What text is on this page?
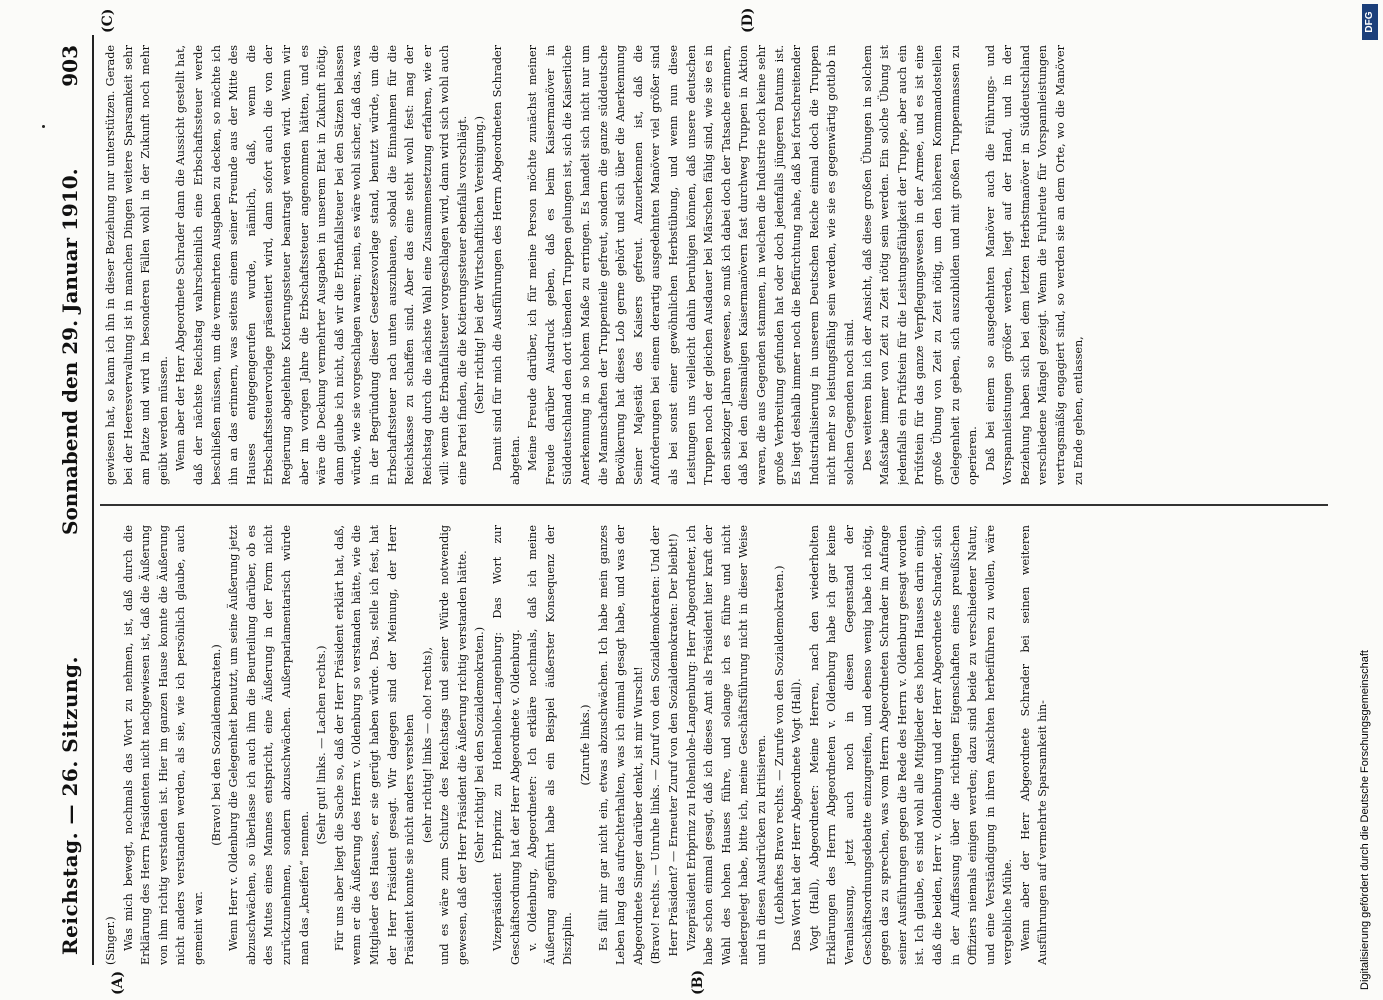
Reichstag. — 26. Sitzung.
Sonnabend den 29. Januar 1910.
903

(Singer.) Was mich bewegt, nochmals das Wort zu nehmen, ist, daß durch die Erklärung des Herrn Präsidenten nicht nachgewiesen ist, daß die Äußerung von ihm richtig verstanden ist. Hier im ganzen Hause konnte die Äußerung nicht anders verstanden werden, als sie, wie ich persönlich glaube, auch gemeint war.

(Bravo! bei den Sozialdemokraten.) Wenn Herr v. Oldenburg die Gelegenheit benutzt, um seine Äußerung jetzt abzuschwächen, so überlasse ich auch ihm die Beurteilung darüber, ob es des Mutes eines Mannes entspricht, eine Äußerung in der Form nicht zurückzunehmen, sondern abzuschwächen. Außerparlamentarisch würde man das „kneifen“ nennen.

(Sehr gut! links. — Lachen rechts.) Für uns aber liegt die Sache so, daß der Herr Präsident erklärt hat, daß, wenn er die Äußerung des Herrn v. Oldenburg so verstanden hätte, wie die Mitglieder des Hauses, er sie gerügt haben würde. Das, stelle ich fest, hat der Herr Präsident gesagt. Wir dagegen sind der Meinung, der Herr Präsident konnte sie nicht anders verstehen (sehr richtig! links — oho! rechts), und es wäre zum Schutze des Reichstags und seiner Würde notwendig gewesen, daß der Herr Präsident die Äußerung richtig verstanden hätte. (Sehr richtig! bei den Sozialdemokraten.) Vizepräsident Erbprinz zu Hohenlohe-Langenburg: Das Wort zur Geschäftsordnung hat der Herr Abgeordnete v. Oldenburg. v. Oldenburg, Abgeordneter: Ich erkläre nochmals, daß ich meine Äußerung angeführt habe als ein Beispiel äußerster Konsequenz der Disziplin.

(Zurufe links.) Es fällt mir gar nicht ein, etwas abzuschwächen. Ich habe mein ganzes Leben lang das aufrechterhalten, was ich einmal gesagt habe, und was der Abgeordnete Singer darüber denkt, ist mir Wurscht! (Bravo! rechts. — Unruhe links. — Zuruf von den Sozialdemokraten: Und der Herr Präsident? — Erneuter Zuruf von den Sozialdemokraten: Der bleibt!) Vizepräsident Erbprinz zu Hohenlohe-Langenburg: Herr Abgeordneter, ich habe schon einmal gesagt, daß ich dieses Amt als Präsident hier kraft der Wahl des hohen Hauses führe, und solange ich es führe und nicht niedergelegt habe, bitte ich, meine Geschäftsführung nicht in dieser Weise und in diesen Ausdrücken zu kritisieren. (Lebhaftes Bravo rechts. — Zurufe von den Sozialdemokraten.) Das Wort hat der Herr Abgeordnete Vogt (Hall). Vogt (Hall), Abgeordneter: Meine Herren, nach den wiederholten Erklärungen des Herrn Abgeordneten v. Oldenburg habe ich gar keine Veranlassung, jetzt auch noch in diesen Gegenstand der Geschäftsordnungsdebatte einzugreifen, und ebenso wenig habe ich nötig, gegen das zu sprechen, was vom Herrn Abgeordneten Schrader im Anfange seiner Ausführungen gegen die Rede des Herrn v. Oldenburg gesagt worden ist. Ich glaube, es sind wohl alle Mitglieder des hohen Hauses darin einig, daß die beiden, Herr v. Oldenburg und der Herr Abgeordnete Schrader, sich in der Auffassung über die richtigen Eigenschaften eines preußischen Offiziers niemals einigen werden; dazu sind beide zu verschiedener Natur, und eine Verständigung in ihren Ansichten herbeiführen zu wollen, wäre vergebliche Mühe. Wenn aber der Herr Abgeordnete Schrader bei seinen weiteren Ausführungen auf vermehrte Sparsamkeit hin-

gewiesen hat, so kann ich ihn in dieser Beziehung nur unterstützen. Gerade bei der Heeresverwaltung ist in manchen Dingen weitere Sparsamkeit sehr am Platze und wird in besonderen Fällen wohl in der Zukunft noch mehr geübt werden müssen. Wenn aber der Herr Abgeordnete Schrader dann die Aussicht gestellt hat, daß der nächste Reichstag wahrscheinlich eine Erbschaftssteuer werde beschließen müssen, um die vermehrten Ausgaben zu decken, so möchte ich ihn an das erinnern, was seitens einem seiner Freunde aus der Mitte des Hauses entgegengerufen wurde, nämlich, daß, wenn die Erbschaftssteuervorlage präsentiert wird, dann sofort auch die von der Regierung abgelehnte Kotierungssteuer beantragt werden wird. Wenn wir aber im vorigen Jahre die Erbschaftssteuer angenommen hätten, und es wäre die Deckung vermehrter Ausgaben in unserem Etat in Zukunft nötig, dann glaube ich nicht, daß wir die Erbanfallsteuer bei den Sätzen belassen würde, wie sie vorgeschlagen waren; nein, es wäre wohl sicher, daß das, was in der Begründung dieser Gesetzesvorlage stand, benutzt würde, um die Erbschaftssteuer nach unten auszubauen, sobald die Einnahmen für die Reichskasse zu schaffen sind. Aber das eine steht wohl fest: mag der Reichstag durch die nächste Wahl eine Zusammensetzung erfahren, wie er will: wenn die Erbanfallsteuer vorgeschlagen wird, dann wird sich wohl auch eine Partei finden, die die Kotierungssteuer ebenfalls vorschlägt. (Sehr richtig! bei der Wirtschaftlichen Vereinigung.) Damit sind für mich die Ausführungen des Herrn Abgeordneten Schrader abgetan. Meine Freude darüber, ich für meine Person möchte zunächst meiner Freude darüber Ausdruck geben, daß es beim Kaisermanöver in Süddeutschland den dort übenden Truppen gelungen ist, sich die Kaiserliche Anerkennung in so hohem Maße zu erringen. Es handelt sich nicht nur um die Mannschaften der Truppenteile gefreut, sondern die ganze süddeutsche Bevölkerung hat dieses Lob gerne gehört und sich über die Anerkennung Seiner Majestät des Kaisers gefreut. Anzuerkennen ist, daß die Anforderungen bei einem derartig ausgedehnten Manöver viel größer sind als bei sonst einer gewöhnlichen Herbstübung, und wenn nun diese Leistungen uns vielleicht dahin beruhigen können, daß unsere deutschen Truppen noch der gleichen Ausdauer bei Märschen fähig sind, wie sie es in den siebziger Jahren gewesen, so muß ich dabei doch der Tatsache erinnern, daß bei den diesmaligen Kaisermanövern fast durchweg Truppen in Aktion waren, die aus Gegenden stammen, in welchen die Industrie noch keine sehr große Verbreitung gefunden hat oder doch jedenfalls jüngeren Datums ist. Es liegt deshalb immer noch die Befürchtung nahe, daß bei fortschreitender Industrialisierung in unserem Deutschen Reiche einmal doch die Truppen nicht mehr so leistungsfähig sein werden, wie sie es gegenwärtig gottlob in solchen Gegenden noch sind. Des weiteren bin ich der Ansicht, daß diese großen Übungen in solchem Maßstabe immer von Zeit zu Zeit nötig sein werden. Ein solche Übung ist jedenfalls ein Prüfstein für die Leistungsfähigkeit der Truppe, aber auch ein Prüfstein für das ganze Verpflegungswesen in der Armee, und es ist eine große Übung von Zeit zu Zeit nötig, um den höheren Kommandostellen Gelegenheit zu geben, sich auszubilden und mit großen Truppenmassen zu operieren. Daß bei einem so ausgedehnten Manöver auch die Führungs- und Vorspannleistungen größer werden, liegt auf der Hand, und in der Beziehung haben sich bei dem letzten Herbstmanöver in Süddeutschland verschiedene Mängel gezeigt. Wenn die Fuhrleute für Vorspannleistungen vertragsmäßig engagiert sind, so werden sie an dem Orte, wo die Manöver zu Ende gehen, entlassen,

(A)	(B)
(C)	(D)	DFG
Digitalisierung gefördert durch die Deutsche Forschungsgemeinschaft
